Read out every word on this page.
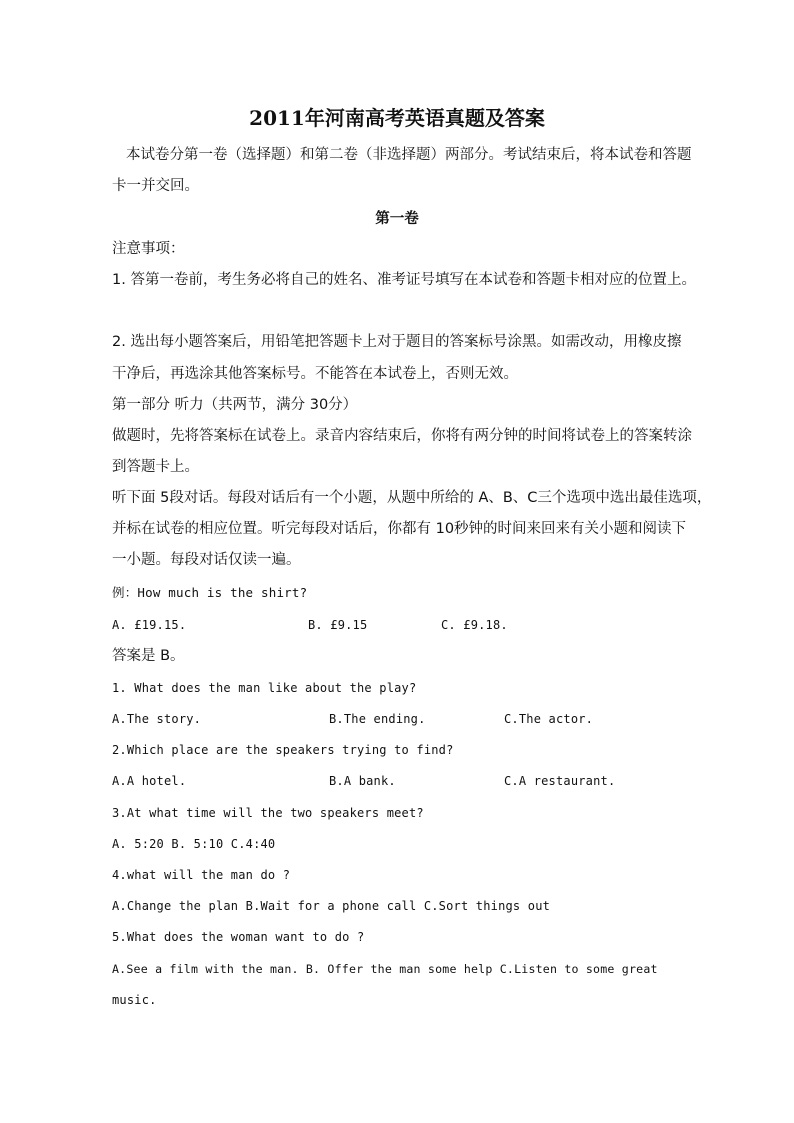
2011年河南高考英语真题及答案
本试卷分第一卷（选择题）和第二卷（非选择题）两部分。考试结束后，将本试卷和答题
卡一并交回。
第一卷
注意事项：
1. 答第一卷前，考生务必将自己的姓名、准考证号填写在本试卷和答题卡相对应的位置上。
2. 选出每小题答案后，用铅笔把答题卡上对于题目的答案标号涂黑。如需改动，用橡皮擦
干净后，再选涂其他答案标号。不能答在本试卷上，否则无效。
第一部分 听力（共两节，满分 30分）
做题时，先将答案标在试卷上。录音内容结束后，你将有两分钟的时间将试卷上的答案转涂
到答题卡上。
听下面 5段对话。每段对话后有一个小题，从题中所给的 A、B、C三个选项中选出最佳选项，
并标在试卷的相应位置。听完每段对话后，你都有 10秒钟的时间来回来有关小题和阅读下
一小题。每段对话仅读一遍。
例：How much is the shirt?
A. £19.15.	B. £9.15	C. £9.18.
答案是 B。
1. What does the man like about the play?
A.The story.	B.The ending.	C.The actor.
2.Which place are the speakers trying to find?
A.A hotel.	B.A bank.	C.A restaurant.
3.At what time will the two speakers meet?
A. 5:20 B. 5:10 C.4:40
4.what will the man do ?
A.Change the plan B.Wait for a phone call C.Sort things out
5.What does the woman want to do ?
A.See a film with the man. B. Offer the man some help C.Listen to some great
music.
